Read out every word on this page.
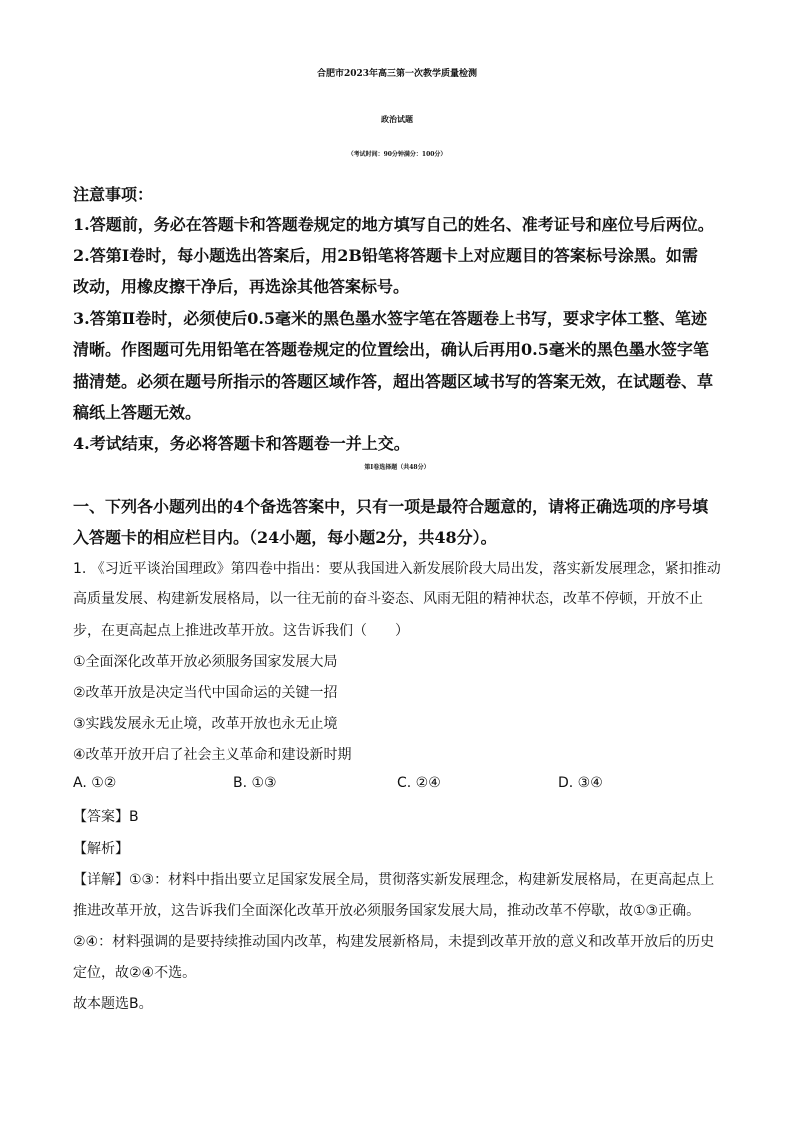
合肥市2023年高三第一次教学质量检测
政治试题
（考试时间：90分钟满分：100分）
注意事项：
1.答题前，务必在答题卡和答题卷规定的地方填写自己的姓名、准考证号和座位号后两位。
2.答第Ⅰ卷时，每小题选出答案后，用2B铅笔将答题卡上对应题目的答案标号涂黑。如需
改动，用橡皮擦干净后，再选涂其他答案标号。
3.答第Ⅱ卷时，必须使后0.5毫米的黑色墨水签字笔在答题卷上书写，要求字体工整、笔迹
清晰。作图题可先用铅笔在答题卷规定的位置绘出，确认后再用0.5毫米的黑色墨水签字笔
描清楚。必须在题号所指示的答题区域作答，超出答题区域书写的答案无效，在试题卷、草
稿纸上答题无效。
4.考试结束，务必将答题卡和答题卷一并上交。
第Ⅰ卷选择题（共48分）
一、下列各小题列出的4个备选答案中，只有一项是最符合题意的，请将正确选项的序号填
入答题卡的相应栏目内。（24小题，每小题2分，共48分）。
1. 《习近平谈治国理政》第四卷中指出：要从我国进入新发展阶段大局出发，落实新发展理念，紧扣推动
高质量发展、构建新发展格局，以一往无前的奋斗姿态、风雨无阻的精神状态，改革不停顿，开放不止
步，在更高起点上推进改革开放。这告诉我们（　　）
①全面深化改革开放必须服务国家发展大局
②改革开放是决定当代中国命运的关键一招
③实践发展永无止境，改革开放也永无止境
④改革开放开启了社会主义革命和建设新时期
A. ①②	B. ①③	C. ②④	D. ③④
【答案】B
【解析】
【详解】①③：材料中指出要立足国家发展全局，贯彻落实新发展理念，构建新发展格局，在更高起点上
推进改革开放，这告诉我们全面深化改革开放必须服务国家发展大局，推动改革不停歇，故①③正确。
②④：材料强调的是要持续推动国内改革，构建发展新格局，未提到改革开放的意义和改革开放后的历史
定位，故②④不选。
故本题选B。
